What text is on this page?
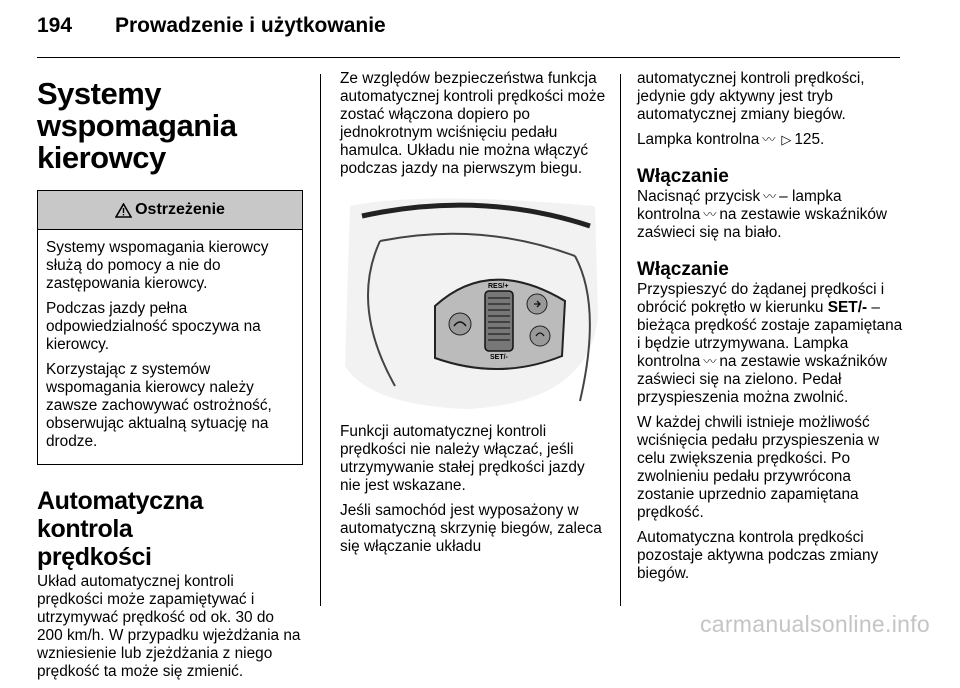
194 Prowadzenie i użytkowanie
Systemy wspomagania
kierowcy
Ostrzeżenie

Systemy wspomagania kierowcy służą do pomocy a nie do zastępowania kierowcy.

Podczas jazdy pełna odpowiedzialność spoczywa na kierowcy.

Korzystając z systemów wspomagania kierowcy należy zawsze zachowywać ostrożność, obserwując aktualną sytuację na drodze.

Automatyczna kontrola
prędkości

Układ automatycznej kontroli prędkości może zapamiętywać i utrzymywać prędkość od ok. 30 do 200 km/h. W przypadku wjeżdżania na wzniesienie lub zjeżdżania z niego prędkość ta może się zmienić.

Ze względów bezpieczeństwa funkcja automatycznej kontroli prędkości może zostać włączona dopiero po jednokrotnym wciśnięciu pedału hamulca. Układu nie można włączyć podczas jazdy na pierwszym biegu.

RES/+
SET/-

Funkcji automatycznej kontroli prędkości nie należy włączać, jeśli utrzymywanie stałej prędkości jazdy nie jest wskazane.

Jeśli samochód jest wyposażony w automatyczną skrzynię biegów, zaleca się włączanie układu

automatycznej kontroli prędkości, jedynie gdy aktywny jest tryb automatycznej zmiany biegów.

Lampka kontrolna 〰 ▷ 125.

Włączanie

Nacisnąć przycisk 〰 – lampka kontrolna 〰 na zestawie wskaźników zaświeci się na biało.

Włączanie

Przyspieszyć do żądanej prędkości i obrócić pokrętło w kierunku SET/- – bieżąca prędkość zostaje zapamiętana i będzie utrzymywana. Lampka kontrolna 〰 na zestawie wskaźników zaświeci się na zielono. Pedał przyspieszenia można zwolnić.

W każdej chwili istnieje możliwość wciśnięcia pedału przyspieszenia w celu zwiększenia prędkości. Po zwolnieniu pedału przywrócona zostanie uprzednio zapamiętana prędkość.

Automatyczna kontrola prędkości pozostaje aktywna podczas zmiany biegów.

carmanualsonline.info
